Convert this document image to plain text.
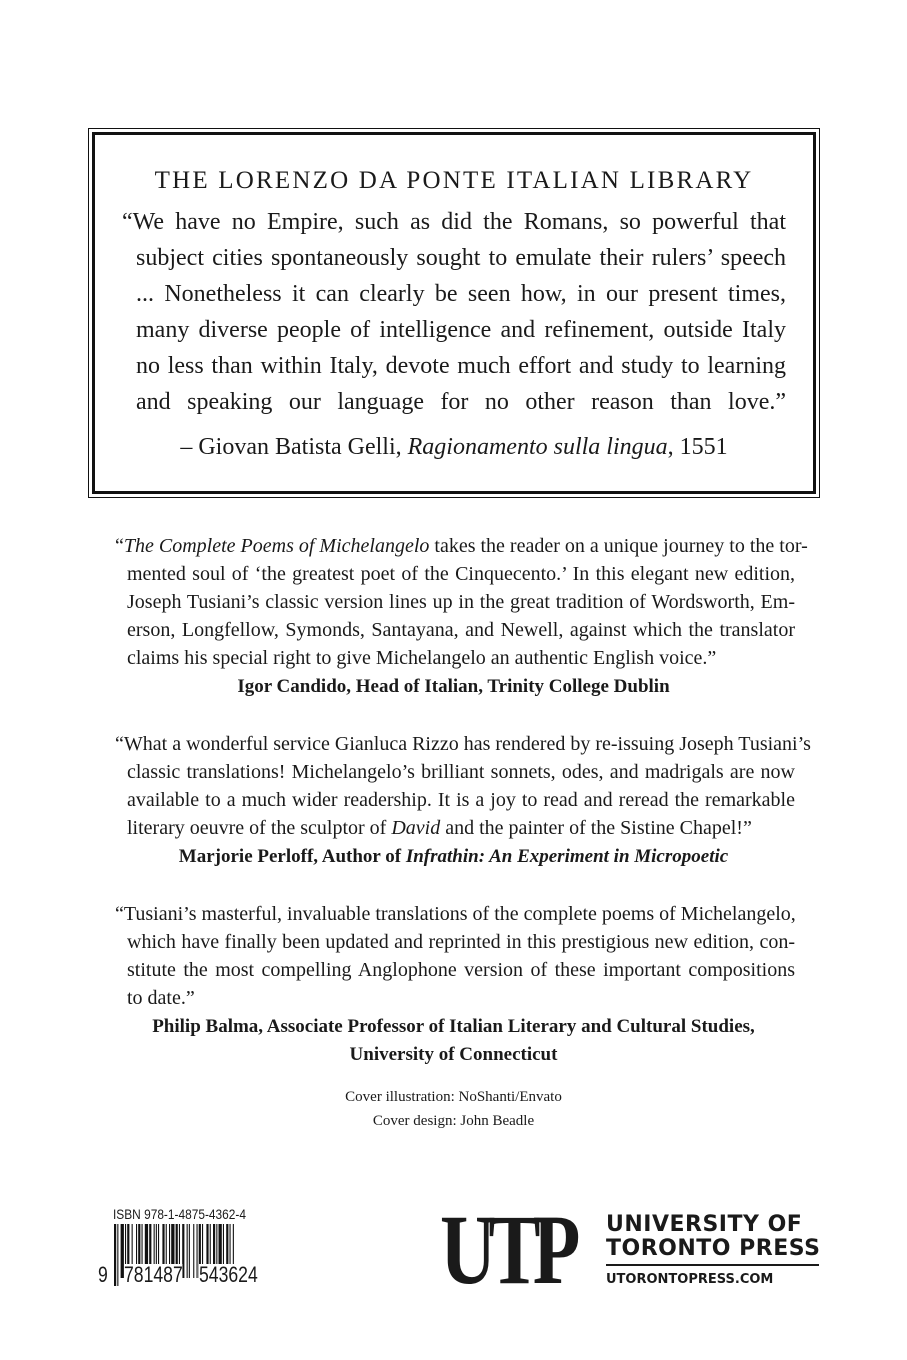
THE LORENZO DA PONTE ITALIAN LIBRARY
“We have no Empire, such as did the Romans, so powerful that
subject cities spontaneously sought to emulate their rulers’ speech
... Nonetheless it can clearly be seen how, in our present times,
many diverse people of intelligence and refinement, outside Italy
no less than within Italy, devote much effort and study to learning
and speaking our language for no other reason than love.”
– Giovan Batista Gelli, Ragionamento sulla lingua, 1551
“The Complete Poems of Michelangelo takes the reader on a unique journey to the tor-
mented soul of ‘the greatest poet of the Cinquecento.’ In this elegant new edition,
Joseph Tusiani’s classic version lines up in the great tradition of Wordsworth, Em-
erson, Longfellow, Symonds, Santayana, and Newell, against which the translator
claims his special right to give Michelangelo an authentic English voice.”
Igor Candido, Head of Italian, Trinity College Dublin
“What a wonderful service Gianluca Rizzo has rendered by re-issuing Joseph Tusiani’s
classic translations! Michelangelo’s brilliant sonnets, odes, and madrigals are now
available to a much wider readership. It is a joy to read and reread the remarkable
literary oeuvre of the sculptor of David and the painter of the Sistine Chapel!”
Marjorie Perloff, Author of Infrathin: An Experiment in Micropoetic
“Tusiani’s masterful, invaluable translations of the complete poems of Michelangelo,
which have finally been updated and reprinted in this prestigious new edition, con-
stitute the most compelling Anglophone version of these important compositions
to date.”
Philip Balma, Associate Professor of Italian Literary and Cultural Studies,
University of Connecticut
Cover illustration: NoShanti/Envato
Cover design: John Beadle
ISBN 978-1-4875-4362-4
9 781487 543624 UTP UNIVERSITY OF
TORONTO PRESS
UTORONTOPRESS.COM
